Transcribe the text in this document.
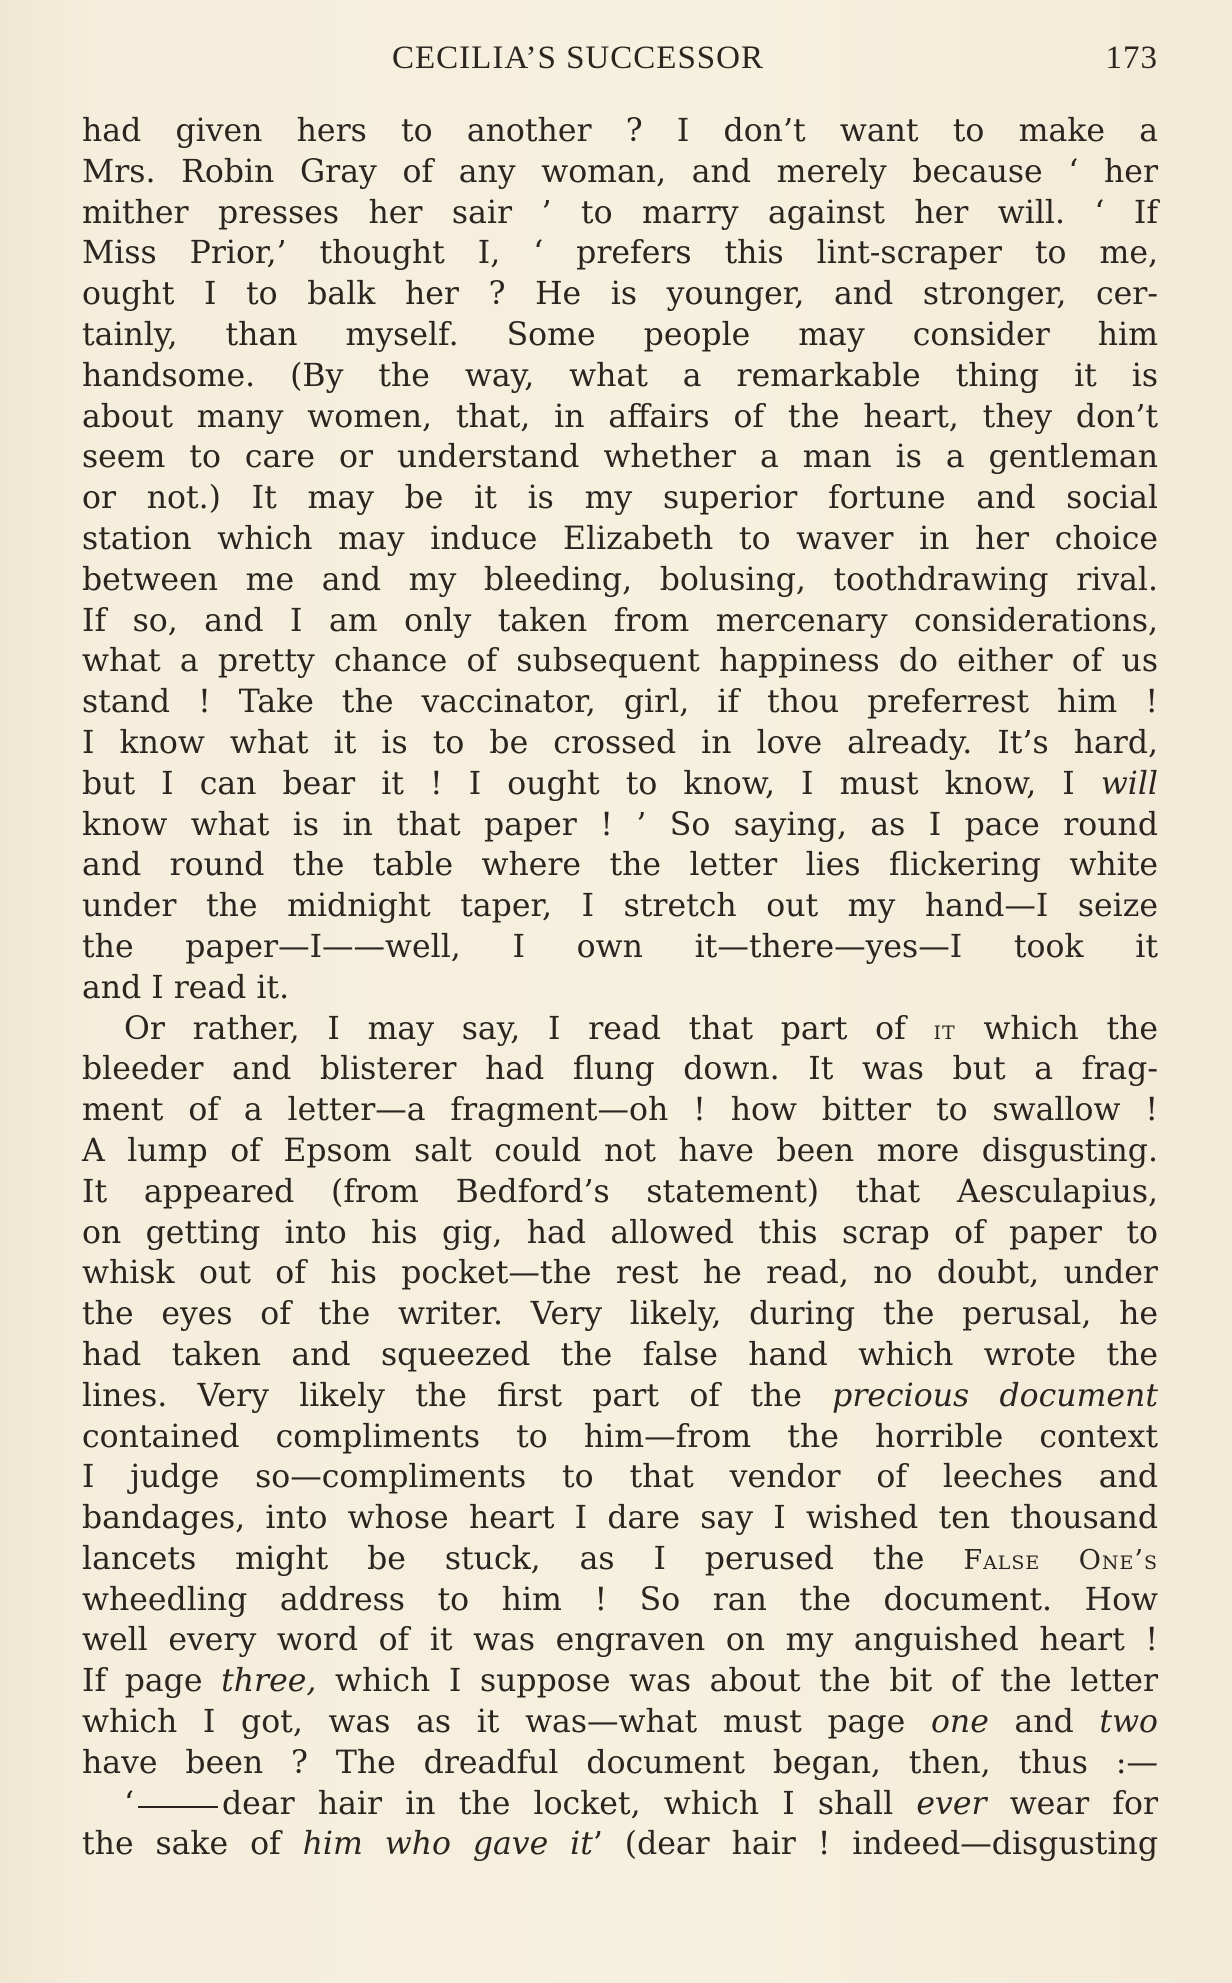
CECILIA’S SUCCESSOR	173
had given hers to another ? I don’t want to make a
Mrs. Robin Gray of any woman, and merely because ‘ her
mither presses her sair ’ to marry against her will. ‘ If
Miss Prior,’ thought I, ‘ prefers this lint-scraper to me,
ought I to balk her ? He is younger, and stronger, cer-
tainly, than myself. Some people may consider him
handsome. (By the way, what a remarkable thing it is
about many women, that, in affairs of the heart, they don’t
seem to care or understand whether a man is a gentleman
or not.) It may be it is my superior fortune and social
station which may induce Elizabeth to waver in her choice
between me and my bleeding, bolusing, toothdrawing rival.
If so, and I am only taken from mercenary considerations,
what a pretty chance of subsequent happiness do either of us
stand ! Take the vaccinator, girl, if thou preferrest him !
I know what it is to be crossed in love already. It’s hard,
but I can bear it ! I ought to know, I must know, I will
know what is in that paper ! ’ So saying, as I pace round
and round the table where the letter lies flickering white
under the midnight taper, I stretch out my hand—I seize
the paper—I——well, I own it—there—yes—I took it
and I read it.
Or rather, I may say, I read that part of it which the
bleeder and blisterer had flung down. It was but a frag-
ment of a letter—a fragment—oh ! how bitter to swallow !
A lump of Epsom salt could not have been more disgusting.
It appeared (from Bedford’s statement) that Aesculapius,
on getting into his gig, had allowed this scrap of paper to
whisk out of his pocket—the rest he read, no doubt, under
the eyes of the writer. Very likely, during the perusal, he
had taken and squeezed the false hand which wrote the
lines. Very likely the first part of the precious document
contained compliments to him—from the horrible context
I judge so—compliments to that vendor of leeches and
bandages, into whose heart I dare say I wished ten thousand
lancets might be stuck, as I perused the False One’s
wheedling address to him ! So ran the document. How
well every word of it was engraven on my anguished heart !
If page three, which I suppose was about the bit of the letter
which I got, was as it was—what must page one and two
have been ? The dreadful document began, then, thus :—
‘	dear hair in the locket, which I shall ever wear for
the sake of him who gave it’ (dear hair ! indeed—disgusting
